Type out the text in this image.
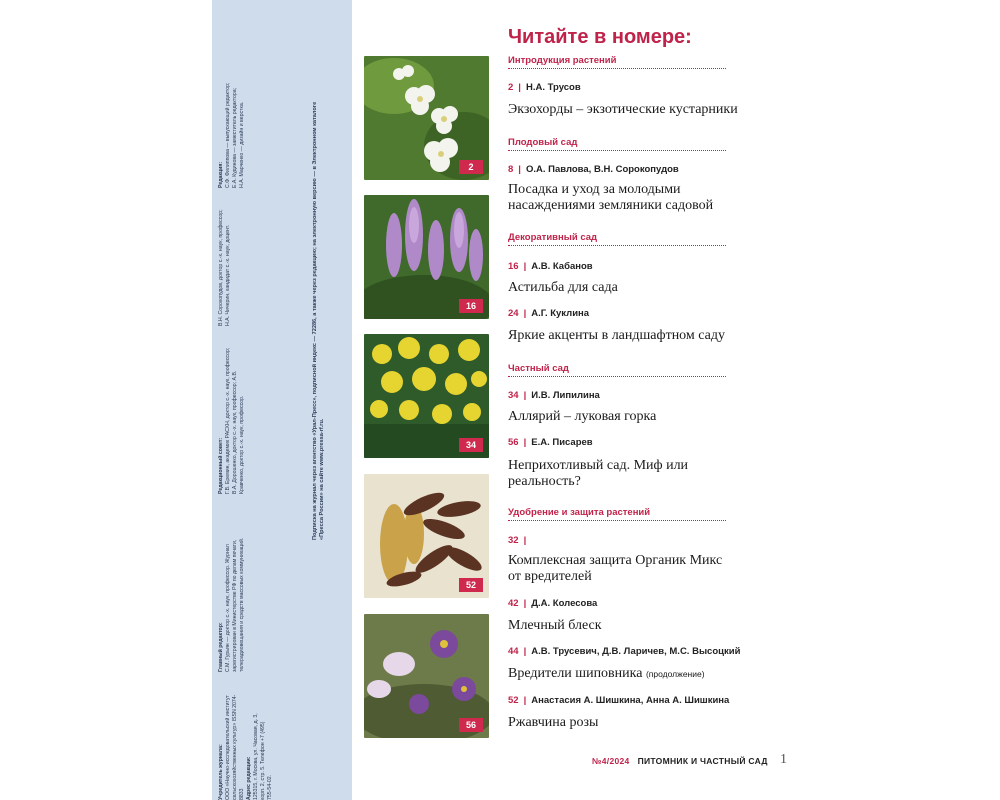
Учредитель журнала:
ООО «Научно-исследовательский институт сельскохозяйственных культур» ISSN 2074-8833Главный редактор:
С.М. Гурьян — доктор с.-х. наук, профессор. Журнал зарегистрирован в Министерстве РФ по делам печати, телерадиовещания и средств массовых коммуникаций.Редакционный совет:
Г.В. Еремин, академик РАСХН, доктор с.-х. наук, профессор; В.А. Дорошенко, доктор с.-х. наук, профессор; А.В. Кравченко, доктор с.-х. наук, профессор.В.Н. Сорокопудов, доктор с.-х. наук, профессор; Н.А. Чичерин, кандидат с.-х. наук, доцент.Редакция:
С.Ф. Филиппова — выпускающий редактор; Е.А. Кудинова — заместитель редактора; Н.А. Марченко — дизайн и верстка.Адрес редакции:
125315, г. Москва, ул. Часовая, д. 3, корп. 2, стр. 5. Телефон +7 (495) 755-54-02.
Подписка на журнал через агентство «Урал-Пресс», подписной индекс — 72286, а также через редакцию; на электронную версию — в Электронном каталоге «Пресса России» на сайте www.pressa-rf.ru.
2
16
34
52
56
Читайте в номере:
Интродукция растений
2 | Н.А. Трусов
Экзохорды – экзотические кустарники
Плодовый сад
8 | О.А. Павлова, В.Н. Сорокопудов
Посадка и уход за молодыми
насаждениями земляники садовой
Декоративный сад
16 | А.В. Кабанов
Астильба для сада
24 | А.Г. Куклина
Яркие акценты в ландшафтном саду
Частный сад
34 | И.В. Липилина
Аллярий – луковая горка
56 | Е.А. Писарев
Неприхотливый сад. Миф или
реальность?
Удобрение и защита растений
32 |
Комплексная защита Органик Микс
от вредителей
42 | Д.А. Колесова
Млечный блеск
44 | А.В. Трусевич, Д.В. Ларичев, М.С. Высоцкий
Вредители шиповника (продолжение)
52 | Анастасия А. Шишкина, Анна А. Шишкина
Ржавчина розы
№4/2024 ПИТОМНИК И ЧАСТНЫЙ САД 1
